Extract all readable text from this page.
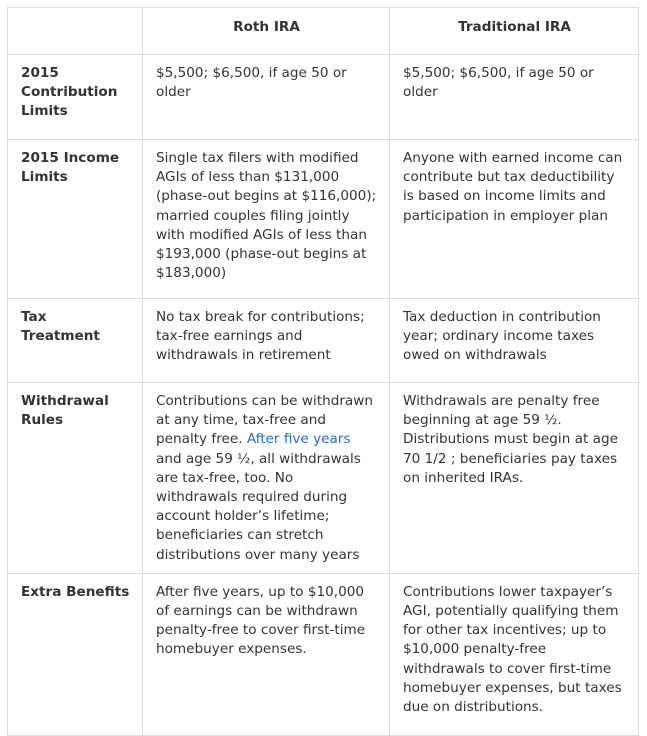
	Roth IRA	Traditional IRA
2015 Contribution Limits	$5,500; $6,500, if age 50 or older	$5,500; $6,500, if age 50 or older
2015 Income Limits	Single tax filers with modified AGIs of less than $131,000 (phase-out begins at $116,000); married couples filing jointly with modified AGIs of less than $193,000 (phase-out begins at $183,000)	Anyone with earned income can contribute but tax deductibility is based on income limits and participation in employer plan
Tax Treatment	No tax break for contributions; tax-free earnings and withdrawals in retirement	Tax deduction in contribution year; ordinary income taxes owed on withdrawals
Withdrawal Rules	Contributions can be withdrawn at any time, tax-free and penalty free. After five years and age 59 ½, all withdrawals are tax-free, too. No withdrawals required during account holder’s lifetime; beneficiaries can stretch distributions over many years	Withdrawals are penalty free beginning at age 59 ½. Distributions must begin at age 70 1/2 ; beneficiaries pay taxes on inherited IRAs.
Extra Benefits	After five years, up to $10,000 of earnings can be withdrawn penalty-free to cover first-time homebuyer expenses.	Contributions lower taxpayer’s AGI, potentially qualifying them for other tax incentives; up to $10,000 penalty-free withdrawals to cover first-time homebuyer expenses, but taxes due on distributions.
